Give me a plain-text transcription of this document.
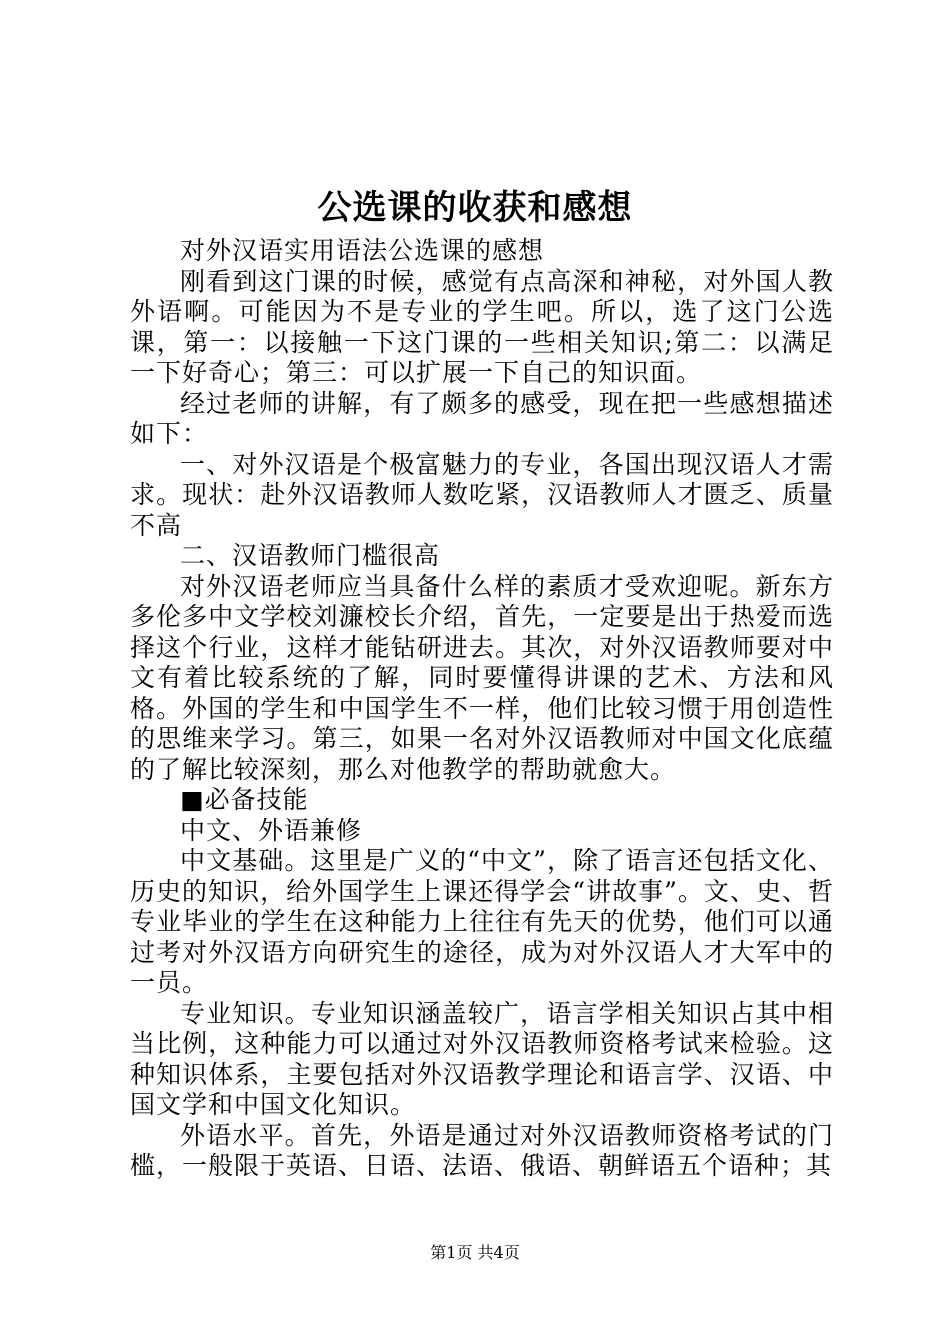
公选课的收获和感想

对外汉语实用语法公选课的感想

刚看到这门课的时候，感觉有点高深和神秘，对外国人教外语啊。可能因为不是专业的学生吧。所以，选了这门公选课，第一：以接触一下这门课的一些相关知识;第二：以满足一下好奇心；第三：可以扩展一下自己的知识面。

经过老师的讲解，有了颇多的感受，现在把一些感想描述如下：

一、对外汉语是个极富魅力的专业，各国出现汉语人才需求。现状：赴外汉语教师人数吃紧，汉语教师人才匮乏、质量不高

二、汉语教师门槛很高

对外汉语老师应当具备什么样的素质才受欢迎呢。新东方多伦多中文学校刘濂校长介绍，首先，一定要是出于热爱而选择这个行业，这样才能钻研进去。其次，对外汉语教师要对中文有着比较系统的了解，同时要懂得讲课的艺术、方法和风格。外国的学生和中国学生不一样，他们比较习惯于用创造性的思维来学习。第三，如果一名对外汉语教师对中国文化底蕴的了解比较深刻，那么对他教学的帮助就愈大。

■必备技能

中文、外语兼修

中文基础。这里是广义的“中文”，除了语言还包括文化、历史的知识，给外国学生上课还得学会“讲故事”。文、史、哲专业毕业的学生在这种能力上往往有先天的优势，他们可以通过考对外汉语方向研究生的途径，成为对外汉语人才大军中的一员。

专业知识。专业知识涵盖较广，语言学相关知识占其中相当比例，这种能力可以通过对外汉语教师资格考试来检验。这种知识体系，主要包括对外汉语教学理论和语言学、汉语、中国文学和中国文化知识。

外语水平。首先，外语是通过对外汉语教师资格考试的门槛，一般限于英语、日语、法语、俄语、朝鲜语五个语种；其

第1页 共4页
